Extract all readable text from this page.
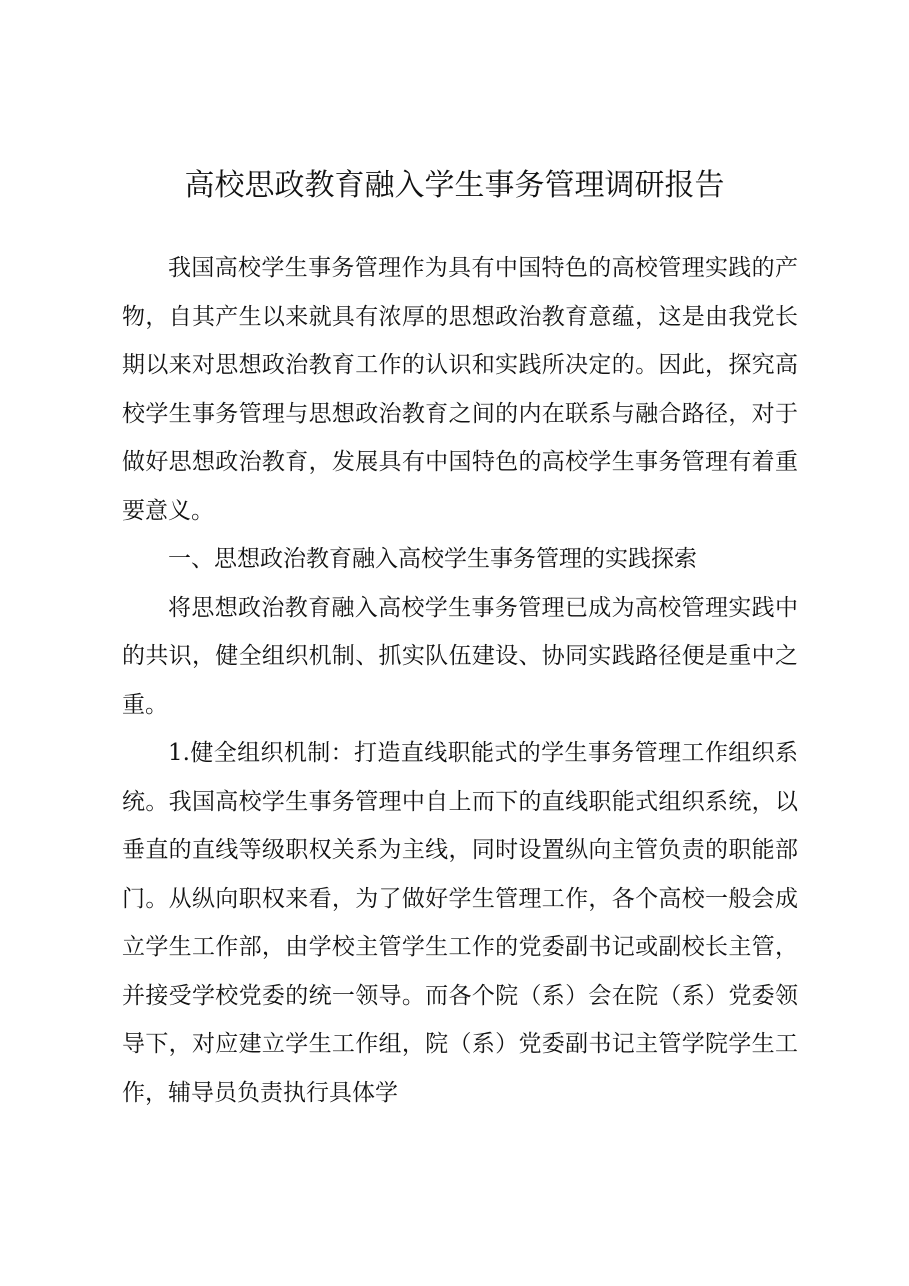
高校思政教育融入学生事务管理调研报告

我国高校学生事务管理作为具有中国特色的高校管理实践的产物，自其产生以来就具有浓厚的思想政治教育意蕴，这是由我党长期以来对思想政治教育工作的认识和实践所决定的。因此，探究高校学生事务管理与思想政治教育之间的内在联系与融合路径，对于做好思想政治教育，发展具有中国特色的高校学生事务管理有着重要意义。

一、思想政治教育融入高校学生事务管理的实践探索

将思想政治教育融入高校学生事务管理已成为高校管理实践中的共识，健全组织机制、抓实队伍建设、协同实践路径便是重中之重。

1.健全组织机制：打造直线职能式的学生事务管理工作组织系统。我国高校学生事务管理中自上而下的直线职能式组织系统，以垂直的直线等级职权关系为主线，同时设置纵向主管负责的职能部门。从纵向职权来看，为了做好学生管理工作，各个高校一般会成立学生工作部，由学校主管学生工作的党委副书记或副校长主管，并接受学校党委的统一领导。而各个院（系）会在院（系）党委领导下，对应建立学生工作组，院（系）党委副书记主管学院学生工作，辅导员负责执行具体学
